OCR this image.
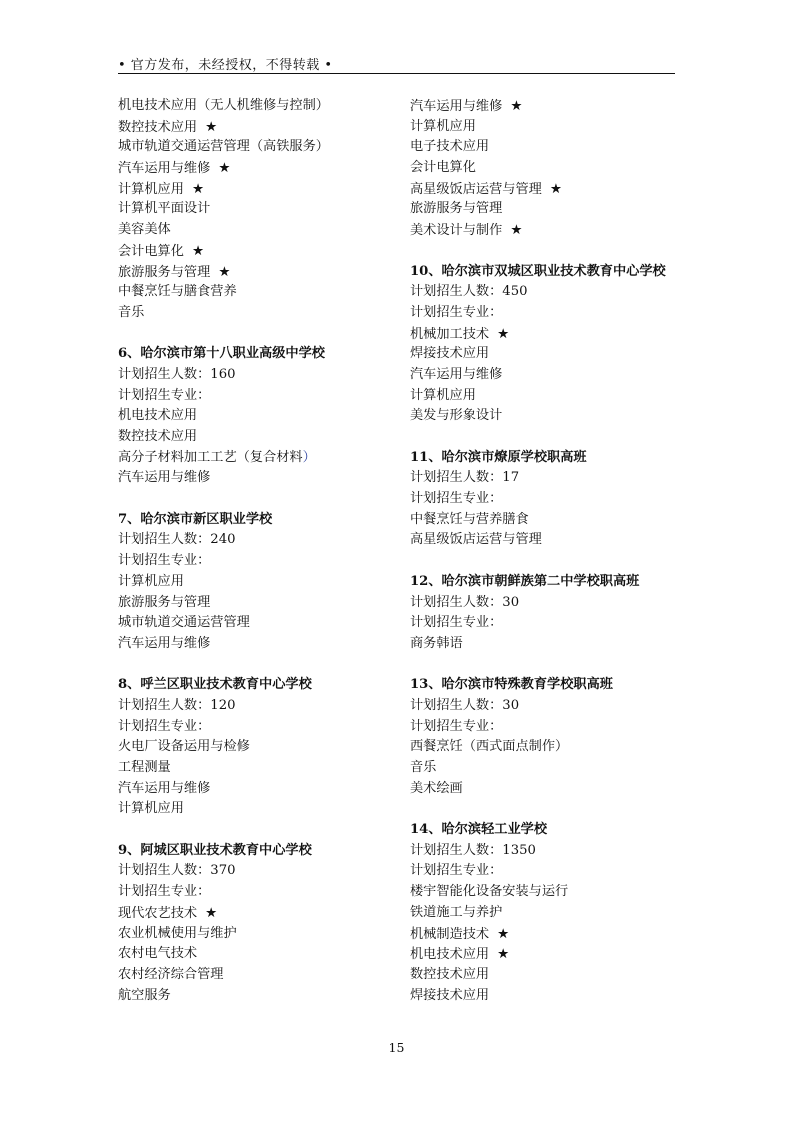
• 官方发布，未经授权，不得转载 •
机电技术应用（无人机维修与控制）
数控技术应用 ★
城市轨道交通运营管理（高铁服务）
汽车运用与维修 ★
计算机应用 ★
计算机平面设计
美容美体
会计电算化 ★
旅游服务与管理 ★
中餐烹饪与膳食营养
音乐
6、哈尔滨市第十八职业高级中学校
计划招生人数：160
计划招生专业：
机电技术应用
数控技术应用
高分子材料加工工艺（复合材料）
汽车运用与维修
7、哈尔滨市新区职业学校
计划招生人数：240
计划招生专业：
计算机应用
旅游服务与管理
城市轨道交通运营管理
汽车运用与维修
8、呼兰区职业技术教育中心学校
计划招生人数：120
计划招生专业：
火电厂设备运用与检修
工程测量
汽车运用与维修
计算机应用
9、阿城区职业技术教育中心学校
计划招生人数：370
计划招生专业：
现代农艺技术 ★
农业机械使用与维护
农村电气技术
农村经济综合管理
航空服务
汽车运用与维修 ★
计算机应用
电子技术应用
会计电算化
高星级饭店运营与管理 ★
旅游服务与管理
美术设计与制作 ★
10、哈尔滨市双城区职业技术教育中心学校
计划招生人数：450
计划招生专业：
机械加工技术 ★
焊接技术应用
汽车运用与维修
计算机应用
美发与形象设计
11、哈尔滨市燎原学校职高班
计划招生人数：17
计划招生专业：
中餐烹饪与营养膳食
高星级饭店运营与管理
12、哈尔滨市朝鲜族第二中学校职高班
计划招生人数：30
计划招生专业：
商务韩语
13、哈尔滨市特殊教育学校职高班
计划招生人数：30
计划招生专业：
西餐烹饪（西式面点制作）
音乐
美术绘画
14、哈尔滨轻工业学校
计划招生人数：1350
计划招生专业：
楼宇智能化设备安装与运行
铁道施工与养护
机械制造技术 ★
机电技术应用 ★
数控技术应用
焊接技术应用
15
